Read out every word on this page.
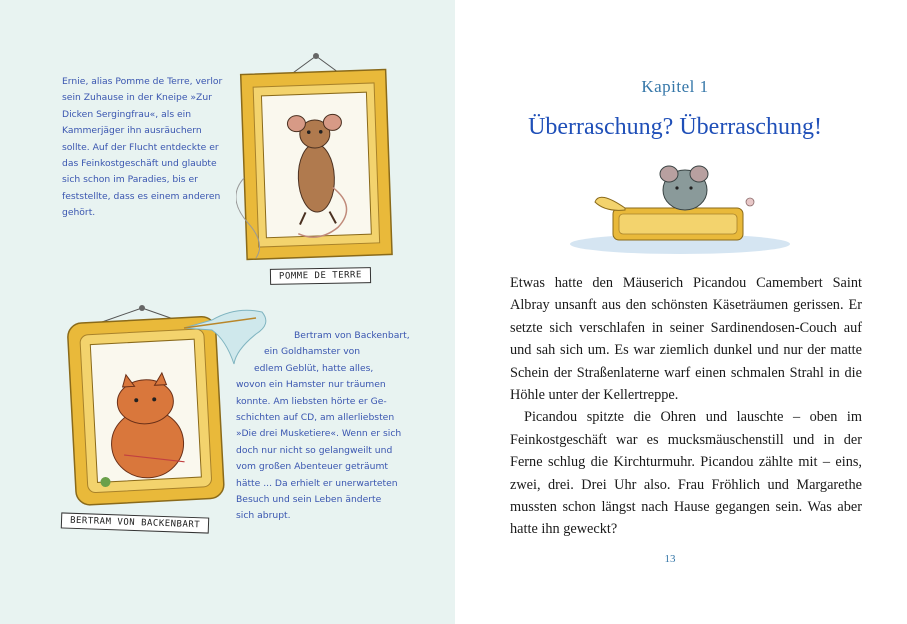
Ernie, alias Pomme de Terre, verlor sein Zuhause in der Kneipe »Zur Dicken Sergingfrau«, als ein Kammerjäger ihn ausräuchern sollte. Auf der Flucht entdeckte er das Feinkostgeschäft und glaubte sich schon im Paradies, bis er feststellte, dass es einem anderen gehört.
POMME DE TERRE
Bertram von Backenbart,
ein Goldhamster von
edlem Geblüt, hatte alles,
wovon ein Hamster nur träumen
konnte. Am liebsten hörte er Ge-
schichten auf CD, am allerliebsten
»Die drei Musketiere«. Wenn er sich
doch nur nicht so gelangweilt und
vom großen Abenteuer geträumt
hätte ... Da erhielt er unerwarteten
Besuch und sein Leben änderte
sich abrupt.
BERTRAM VON BACKENBART
Kapitel 1
Überraschung? Überraschung!

Etwas hatte den Mäuserich Picandou Camembert Saint Albray unsanft aus den schönsten Käseträumen gerissen. Er setzte sich verschlafen in seiner Sardinendosen-Couch auf und sah sich um. Es war ziemlich dunkel und nur der matte Schein der Straßenlaterne warf einen schmalen Strahl in die Höhle unter der Kellertreppe.

Picandou spitzte die Ohren und lauschte – oben im Feinkostgeschäft war es mucksmäuschenstill und in der Ferne schlug die Kirchturmuhr. Picandou zählte mit – eins, zwei, drei. Drei Uhr also. Frau Fröhlich und Margarethe mussten schon längst nach Hause gegangen sein. Was aber hatte ihn geweckt?

13
